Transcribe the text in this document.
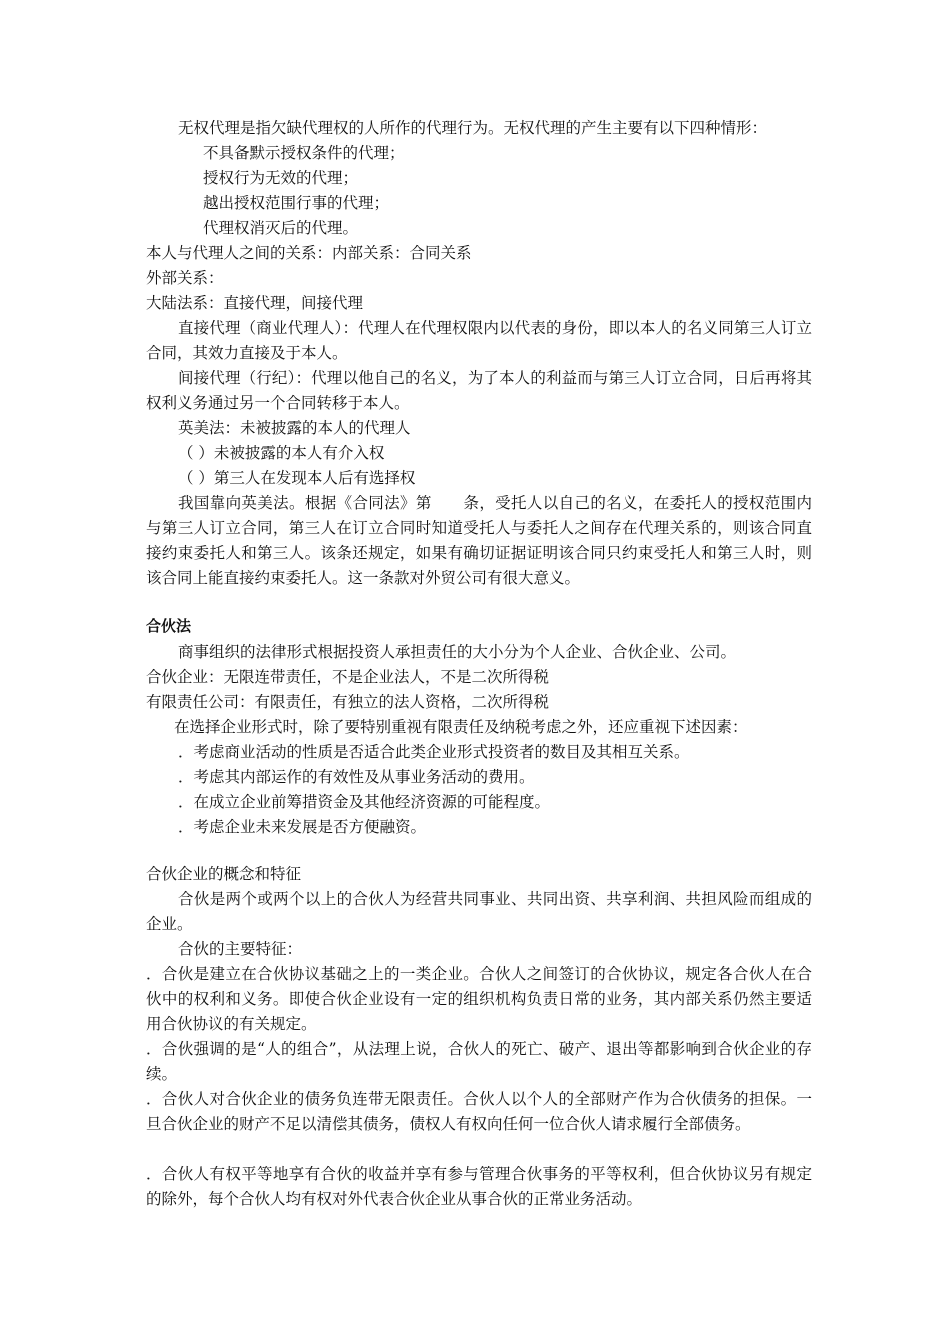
无权代理是指欠缺代理权的人所作的代理行为。无权代理的产生主要有以下四种情形：
不具备默示授权条件的代理；
授权行为无效的代理；
越出授权范围行事的代理；
代理权消灭后的代理。
本人与代理人之间的关系：内部关系：合同关系
外部关系：
大陆法系：直接代理，间接代理
直接代理（商业代理人）：代理人在代理权限内以代表的身份，即以本人的名义同第三人订立合同，其效力直接及于本人。
间接代理（行纪）：代理以他自己的名义，为了本人的利益而与第三人订立合同，日后再将其权利义务通过另一个合同转移于本人。
英美法：未被披露的本人的代理人
（ ）未被披露的本人有介入权
（ ）第三人在发现本人后有选择权
我国靠向英美法。根据《合同法》第　　条，受托人以自己的名义，在委托人的授权范围内与第三人订立合同，第三人在订立合同时知道受托人与委托人之间存在代理关系的，则该合同直接约束委托人和第三人。该条还规定，如果有确切证据证明该合同只约束受托人和第三人时，则该合同上能直接约束委托人。这一条款对外贸公司有很大意义。
合伙法
商事组织的法律形式根据投资人承担责任的大小分为个人企业、合伙企业、公司。
合伙企业：无限连带责任，不是企业法人，不是二次所得税
有限责任公司：有限责任，有独立的法人资格，二次所得税
在选择企业形式时，除了要特别重视有限责任及纳税考虑之外，还应重视下述因素：
．考虑商业活动的性质是否适合此类企业形式投资者的数目及其相互关系。
．考虑其内部运作的有效性及从事业务活动的费用。
．在成立企业前筹措资金及其他经济资源的可能程度。
．考虑企业未来发展是否方便融资。
合伙企业的概念和特征
合伙是两个或两个以上的合伙人为经营共同事业、共同出资、共享利润、共担风险而组成的企业。
合伙的主要特征：
．合伙是建立在合伙协议基础之上的一类企业。合伙人之间签订的合伙协议，规定各合伙人在合伙中的权利和义务。即使合伙企业设有一定的组织机构负责日常的业务，其内部关系仍然主要适用合伙协议的有关规定。
．合伙强调的是“人的组合”，从法理上说，合伙人的死亡、破产、退出等都影响到合伙企业的存续。
．合伙人对合伙企业的债务负连带无限责任。合伙人以个人的全部财产作为合伙债务的担保。一旦合伙企业的财产不足以清偿其债务，债权人有权向任何一位合伙人请求履行全部债务。
．合伙人有权平等地享有合伙的收益并享有参与管理合伙事务的平等权利，但合伙协议另有规定的除外，每个合伙人均有权对外代表合伙企业从事合伙的正常业务活动。
